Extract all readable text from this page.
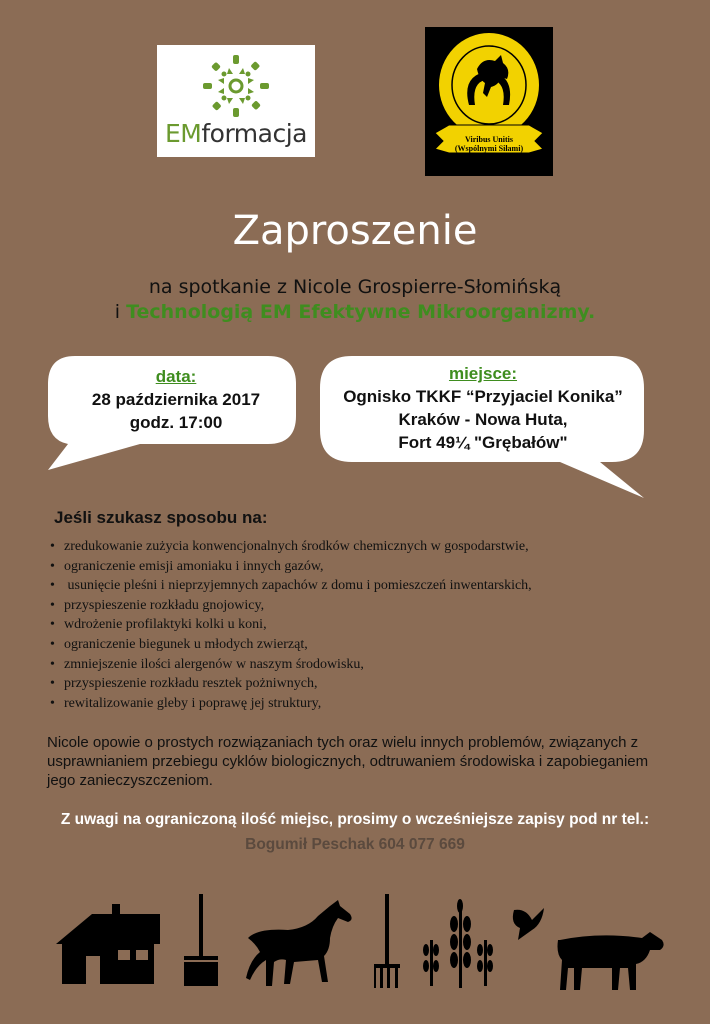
EMformacja	Viribus Unitis
(Wspólnymi Siłami)
Zaproszenie
na spotkanie z Nicole Grospierre-Słomińską
i Technologią EM Efektywne Mikroorganizmy.
data:
28 października 2017
godz. 17:00
miejsce:
Ognisko TKKF “Przyjaciel Konika”
Kraków - Nowa Huta,
Fort 49¼ "Grębałów"
Jeśli szukasz sposobu na:
• zredukowanie zużycia konwencjonalnych środków chemicznych w gospodarstwie,
• ograniczenie emisji amoniaku i innych gazów,
• usunięcie pleśni i nieprzyjemnych zapachów z domu i pomieszczeń inwentarskich,
• przyspieszenie rozkładu gnojowicy,
• wdrożenie profilaktyki kolki u koni,
• ograniczenie biegunek u młodych zwierząt,
• zmniejszenie ilości alergenów w naszym środowisku,
• przyspieszenie rozkładu resztek pożniwnych,
• rewitalizowanie gleby i poprawę jej struktury,
Nicole opowie o prostych rozwiązaniach tych oraz wielu innych problemów, związanych z usprawnianiem przebiegu cyklów biologicznych, odtruwaniem środowiska i zapobieganiem jego zanieczyszczeniom.
Z uwagi na ograniczoną ilość miejsc, prosimy o wcześniejsze zapisy pod nr tel.:
Bogumił Peschak 604 077 669
